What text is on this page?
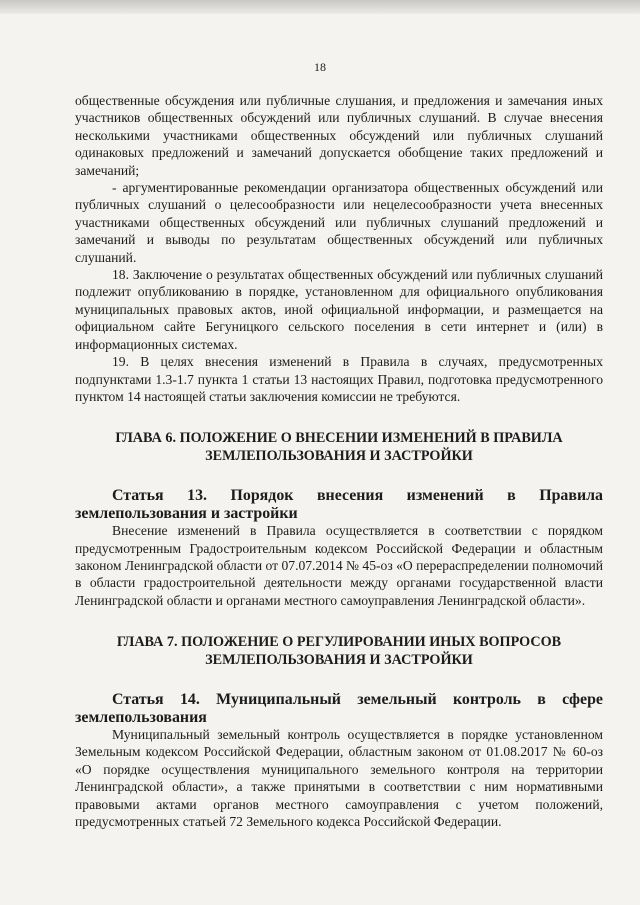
18

общественные обсуждения или публичные слушания, и предложения и замечания иных участников общественных обсуждений или публичных слушаний. В случае внесения несколькими участниками общественных обсуждений или публичных слушаний одинаковых предложений и замечаний допускается обобщение таких предложений и замечаний;

- аргументированные рекомендации организатора общественных обсуждений или публичных слушаний о целесообразности или нецелесообразности учета внесенных участниками общественных обсуждений или публичных слушаний предложений и замечаний и выводы по результатам общественных обсуждений или публичных слушаний.

18. Заключение о результатах общественных обсуждений или публичных слушаний подлежит опубликованию в порядке, установленном для официального опубликования муниципальных правовых актов, иной официальной информации, и размещается на официальном сайте Бегуницкого сельского поселения в сети интернет и (или) в информационных системах.

19. В целях внесения изменений в Правила в случаях, предусмотренных подпунктами 1.3-1.7 пункта 1 статьи 13 настоящих Правил, подготовка предусмотренного пунктом 14 настоящей статьи заключения комиссии не требуются.

ГЛАВА 6. ПОЛОЖЕНИЕ О ВНЕСЕНИИ ИЗМЕНЕНИЙ В ПРАВИЛА ЗЕМЛЕПОЛЬЗОВАНИЯ И ЗАСТРОЙКИ
Статья 13. Порядок внесения изменений в Правила землепользования и застройки

Внесение изменений в Правила осуществляется в соответствии с порядком предусмотренным Градостроительным кодексом Российской Федерации и областным законом Ленинградской области от 07.07.2014 № 45-оз «О перераспределении полномочий в области градостроительной деятельности между органами государственной власти Ленинградской области и органами местного самоуправления Ленинградской области».

ГЛАВА 7. ПОЛОЖЕНИЕ О РЕГУЛИРОВАНИИ ИНЫХ ВОПРОСОВ ЗЕМЛЕПОЛЬЗОВАНИЯ И ЗАСТРОЙКИ
Статья 14. Муниципальный земельный контроль в сфере землепользования

Муниципальный земельный контроль осуществляется в порядке установленном Земельным кодексом Российской Федерации, областным законом от 01.08.2017 № 60-оз «О порядке осуществления муниципального земельного контроля на территории Ленинградской области», а также принятыми в соответствии с ним нормативными правовыми актами органов местного самоуправления с учетом положений, предусмотренных статьей 72 Земельного кодекса Российской Федерации.
